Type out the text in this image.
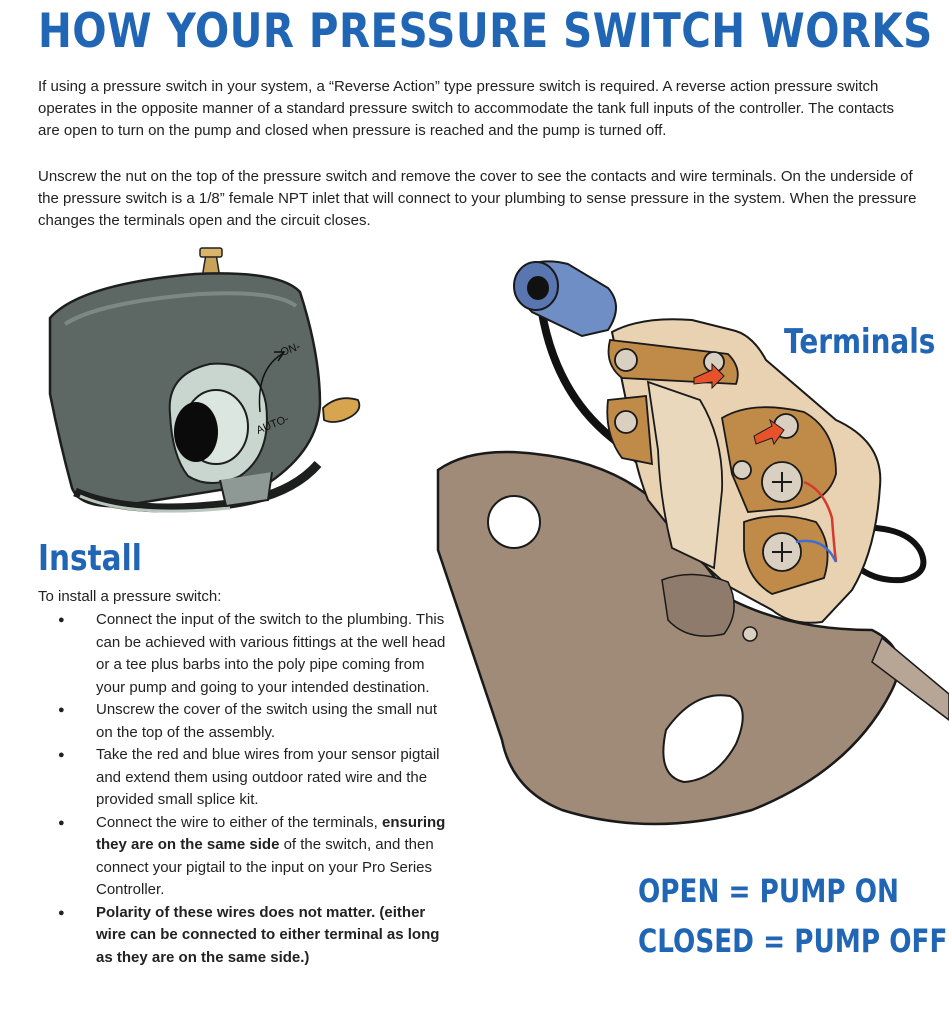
HOW YOUR PRESSURE SWITCH WORKS

If using a pressure switch in your system, a “Reverse Action” type pressure switch is required. A reverse action pressure switch operates in the opposite manner of a standard pressure switch to accommodate the tank full inputs of the controller. The contacts are open to turn on the pump and closed when pressure is reached and the pump is turned off.

Unscrew the nut on the top of the pressure switch and remove the cover to see the contacts and wire terminals. On the underside of the pressure switch is a 1/8” female NPT inlet that will connect to your plumbing to sense pressure in the system. When the pressure changes the terminals open and the circuit closes.

ON-
AUTO-
Terminals
Install

To install a pressure switch:

● Connect the input of the switch to the plumbing. This can be achieved with various fittings at the well head or a tee plus barbs into the poly pipe coming from your pump and going to your intended destination.
● Unscrew the cover of the switch using the small nut on the top of the assembly.
● Take the red and blue wires from your sensor pigtail and extend them using outdoor rated wire and the provided small splice kit.
● Connect the wire to either of the terminals, ensuring they are on the same side of the switch, and then connect your pigtail to the input on your Pro Series Controller.
● Polarity of these wires does not matter. (either wire can be connected to either terminal as long as they are on the same side.)
OPEN = PUMP ON
CLOSED = PUMP OFF
